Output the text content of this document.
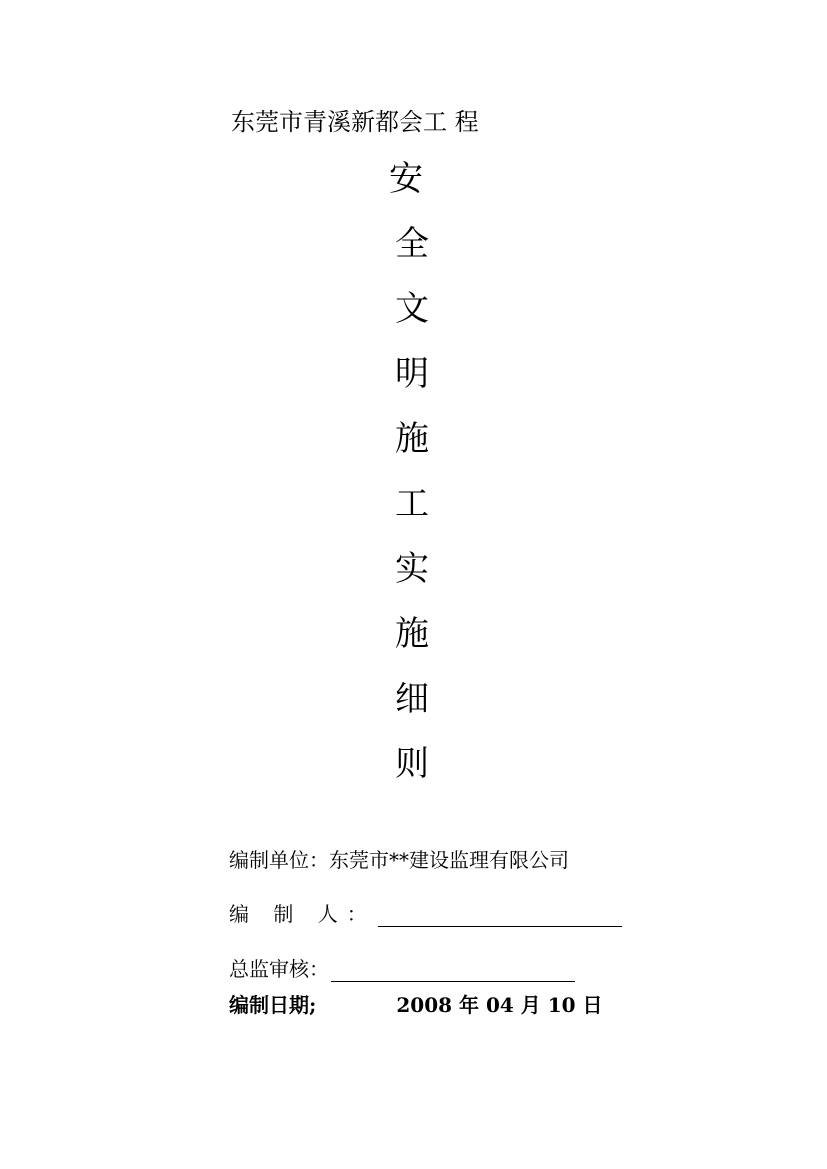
东莞市青溪新都会工 程
安
全
文
明
施
工
实
施
细
则
编制单位：东莞市**建设监理有限公司
编 制 人：
总监审核：
编制日期;	2008 年 04 月 10 日
